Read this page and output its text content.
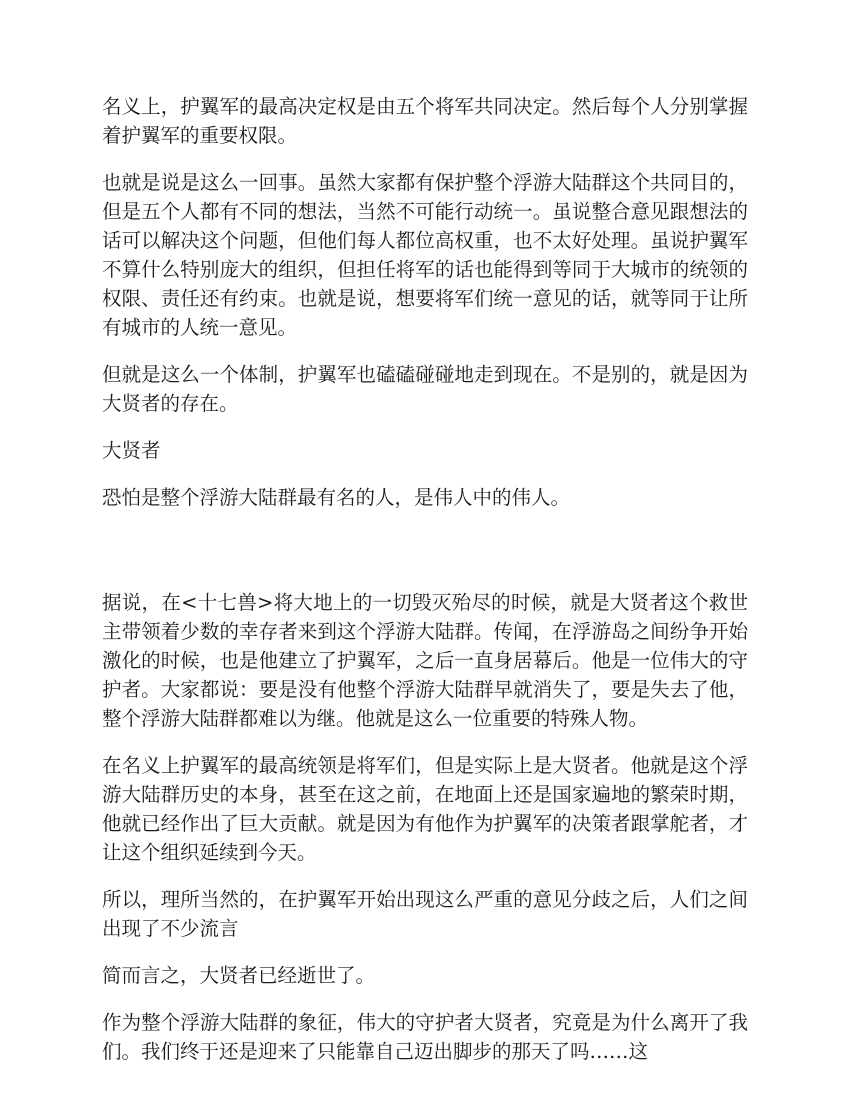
名义上，护翼军的最高决定权是由五个将军共同决定。然后每个人分别掌握着护翼军的重要权限。

也就是说是这么一回事。虽然大家都有保护整个浮游大陆群这个共同目的，但是五个人都有不同的想法，当然不可能行动统一。虽说整合意见跟想法的话可以解决这个问题，但他们每人都位高权重，也不太好处理。虽说护翼军不算什么特别庞大的组织，但担任将军的话也能得到等同于大城市的统领的权限、责任还有约束。也就是说，想要将军们统一意见的话，就等同于让所有城市的人统一意见。

但就是这么一个体制，护翼军也磕磕碰碰地走到现在。不是别的，就是因为大贤者的存在。

大贤者

恐怕是整个浮游大陆群最有名的人，是伟人中的伟人。

据说，在<十七兽>将大地上的一切毁灭殆尽的时候，就是大贤者这个救世主带领着少数的幸存者来到这个浮游大陆群。传闻，在浮游岛之间纷争开始激化的时候，也是他建立了护翼军，之后一直身居幕后。他是一位伟大的守护者。大家都说：要是没有他整个浮游大陆群早就消失了，要是失去了他，整个浮游大陆群都难以为继。他就是这么一位重要的特殊人物。

在名义上护翼军的最高统领是将军们，但是实际上是大贤者。他就是这个浮游大陆群历史的本身，甚至在这之前，在地面上还是国家遍地的繁荣时期，他就已经作出了巨大贡献。就是因为有他作为护翼军的决策者跟掌舵者，才让这个组织延续到今天。

所以，理所当然的，在护翼军开始出现这么严重的意见分歧之后，人们之间出现了不少流言

简而言之，大贤者已经逝世了。

作为整个浮游大陆群的象征，伟大的守护者大贤者，究竟是为什么离开了我们。我们终于还是迎来了只能靠自己迈出脚步的那天了吗……这
